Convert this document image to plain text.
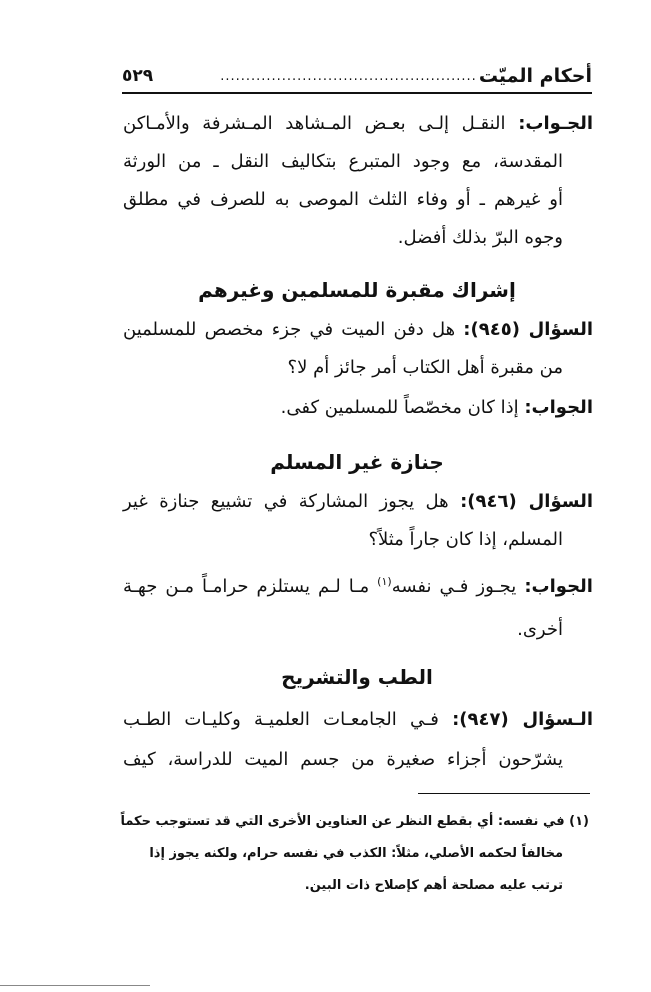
أحكام الميّت
..................................................
٥٢٩
الجـواب: النقـل إلـى بعـض المـشاهد المـشرفة والأمـاكن
المقدسة، مع وجود المتبرع بتكاليف النقل ـ من الورثة
أو غيرهم ـ أو وفاء الثلث الموصى به للصرف في مطلق
وجوه البرّ بذلك أفضل.
إشراك مقبرة للمسلمين وغيرهم
السؤال (٩٤٥): هل دفن الميت في جزء مخصص للمسلمين
من مقبرة أهل الكتاب أمر جائز أم لا؟
الجواب: إذا كان مخصّصاً للمسلمين كفى.
جنازة غير المسلم
السؤال (٩٤٦): هل يجوز المشاركة في تشييع جنازة غير
المسلم، إذا كان جاراً مثلاً؟
الجواب: يجـوز فـي نفسه$^{(١)}$ مـا لـم يستلزم حرامـاً مـن جهـة
أخرى.
الطب والتشريح
الـسؤال (٩٤٧): فـي الجامعـات العلميـة وكليـات الطـب
يشرّحون أجزاء صغيرة من جسم الميت للدراسة، كيف
(١) في نفسه: أي بقطع النظر عن العناوين الأخرى التي قد تستوجب حكماً
مخالفاً لحكمه الأصلي، مثلاً: الكذب في نفسه حرام، ولكنه يجوز إذا
ترتب عليه مصلحة أهم كإصلاح ذات البين.
